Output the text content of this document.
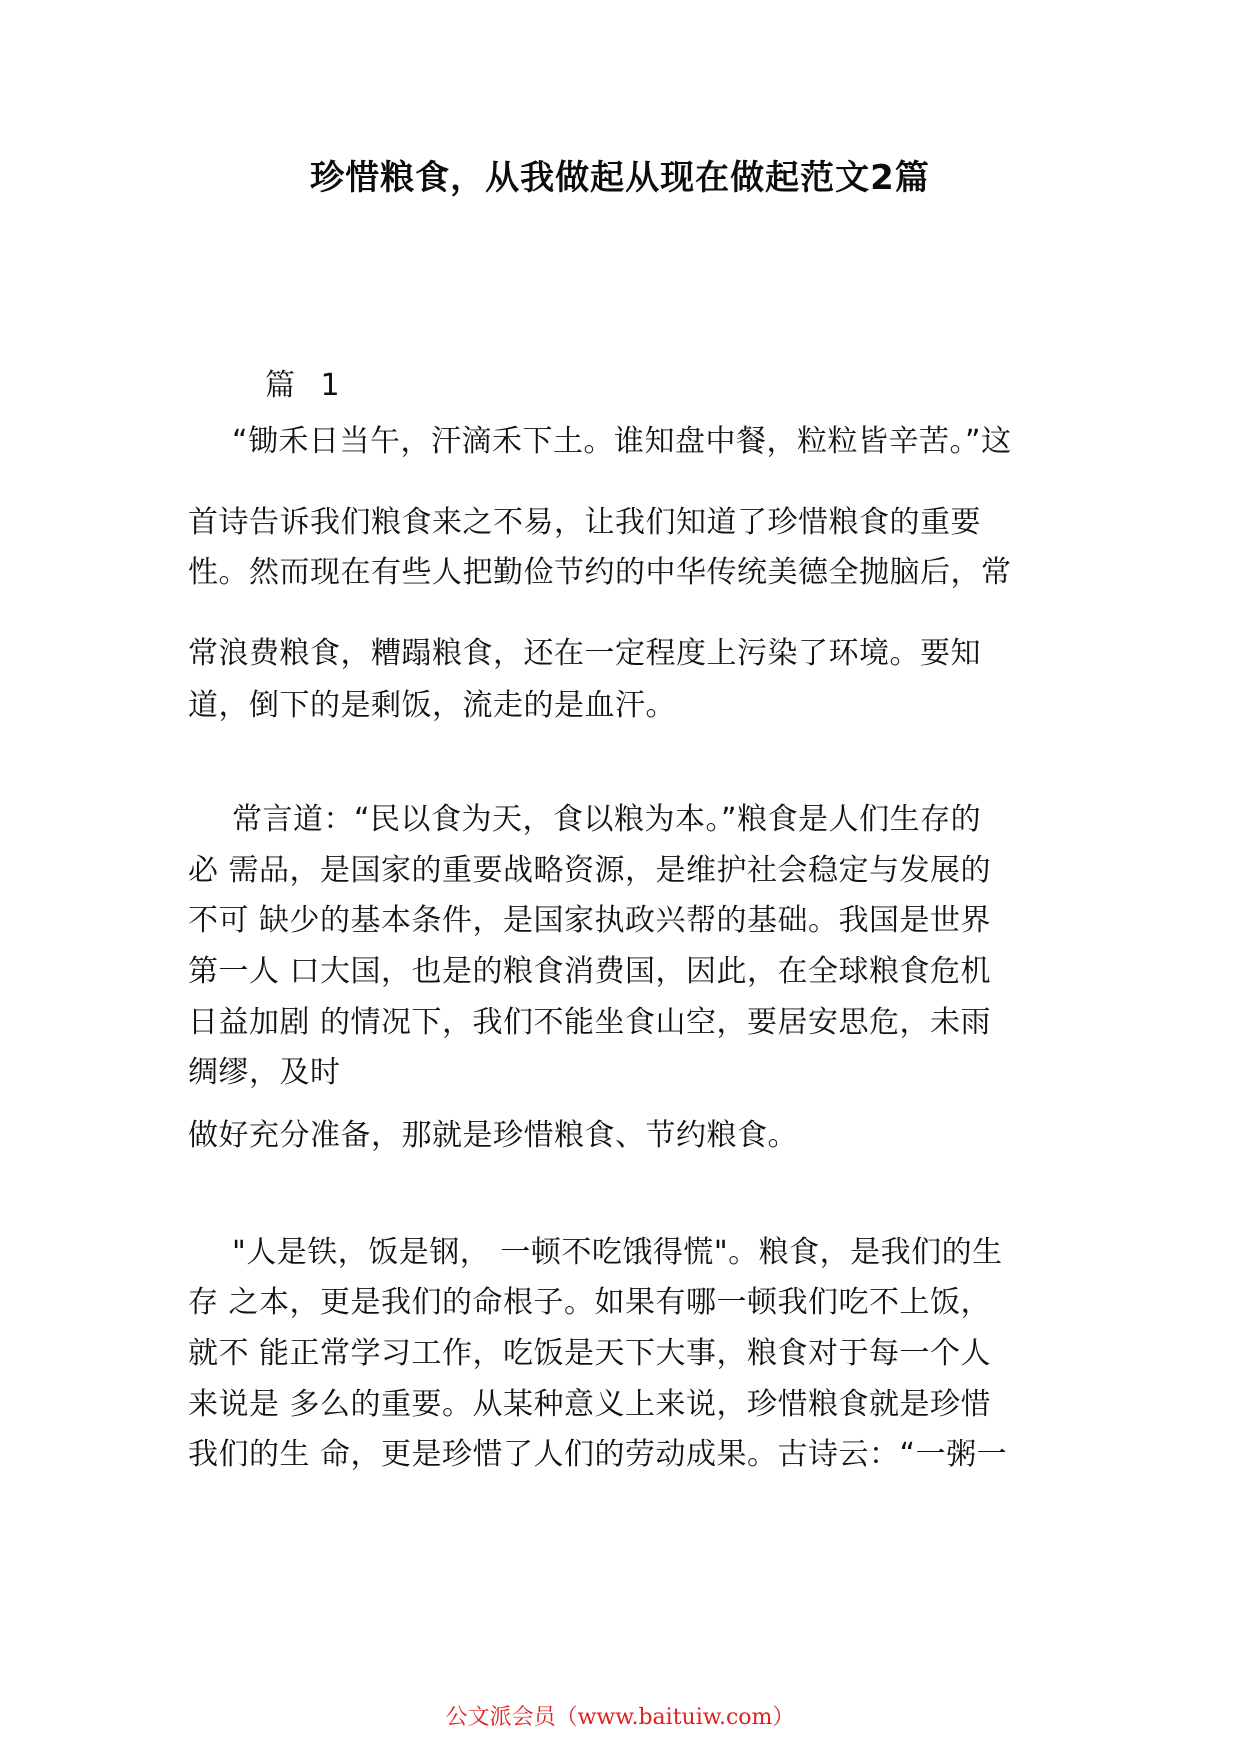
珍惜粮食，从我做起从现在做起范文2篇
篇 1
“锄禾日当午，汗滴禾下土。谁知盘中餐，粒粒皆辛苦。”这
首诗告诉我们粮食来之不易，让我们知道了珍惜粮食的重要
性。然而现在有些人把勤俭节约的中华传统美德全抛脑后，常
常浪费粮食，糟蹋粮食，还在一定程度上污染了环境。要知
道，倒下的是剩饭，流走的是血汗。
常言道：“民以食为天，食以粮为本。”粮食是人们生存的
必 需品，是国家的重要战略资源，是维护社会稳定与发展的
不可 缺少的基本条件，是国家执政兴帮的基础。我国是世界
第一人 口大国，也是的粮食消费国，因此，在全球粮食危机
日益加剧 的情况下，我们不能坐食山空，要居安思危，未雨
绸缪，及时
做好充分准备，那就是珍惜粮食、节约粮食。
"人是铁，饭是钢， 一顿不吃饿得慌"。粮食，是我们的生
存 之本，更是我们的命根子。如果有哪一顿我们吃不上饭，
就不 能正常学习工作，吃饭是天下大事，粮食对于每一个人
来说是 多么的重要。从某种意义上来说，珍惜粮食就是珍惜
我们的生 命，更是珍惜了人们的劳动成果。古诗云：“一粥一
公文派会员（www.baituiw.com）
